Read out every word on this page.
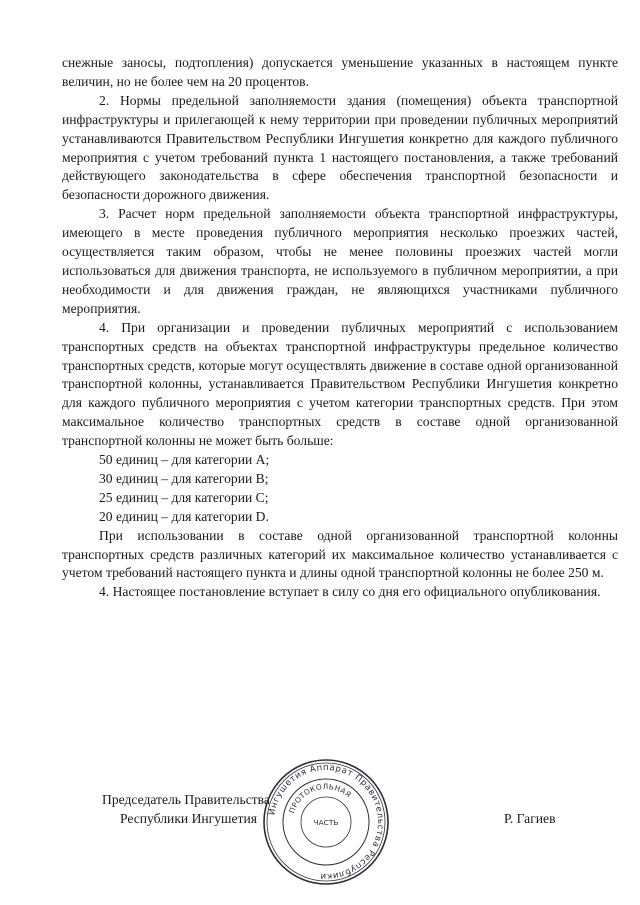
снежные заносы, подтопления) допускается уменьшение указанных в настоящем пункте величин, но не более чем на 20 процентов.

2. Нормы предельной заполняемости здания (помещения) объекта транспортной инфраструктуры и прилегающей к нему территории при проведении публичных мероприятий устанавливаются Правительством Республики Ингушетия конкретно для каждого публичного мероприятия с учетом требований пункта 1 настоящего постановления, а также требований действующего законодательства в сфере обеспечения транспортной безопасности и безопасности дорожного движения.

3. Расчет норм предельной заполняемости объекта транспортной инфраструктуры, имеющего в месте проведения публичного мероприятия несколько проезжих частей, осуществляется таким образом, чтобы не менее половины проезжих частей могли использоваться для движения транспорта, не используемого в публичном мероприятии, а при необходимости и для движения граждан, не являющихся участниками публичного мероприятия.

4. При организации и проведении публичных мероприятий с использованием транспортных средств на объектах транспортной инфраструктуры предельное количество транспортных средств, которые могут осуществлять движение в составе одной организованной транспортной колонны, устанавливается Правительством Республики Ингушетия конкретно для каждого публичного мероприятия с учетом категории транспортных средств. При этом максимальное количество транспортных средств в составе одной организованной транспортной колонны не может быть больше:

50 единиц – для категории A;

30 единиц – для категории B;

25 единиц – для категории C;

20 единиц – для категории D.

При использовании в составе одной организованной транспортной колонны транспортных средств различных категорий их максимальное количество устанавливается с учетом требований настоящего пункта и длины одной транспортной колонны не более 250 м.

4. Настоящее постановление вступает в силу со дня его официального опубликования.

Председатель Правительства
Республики Ингушетия	Р. Гагиев
Ингушетия Аппарат Правительства Республики
ПРОТОКОЛЬНАЯ
ЧАСТЬ
